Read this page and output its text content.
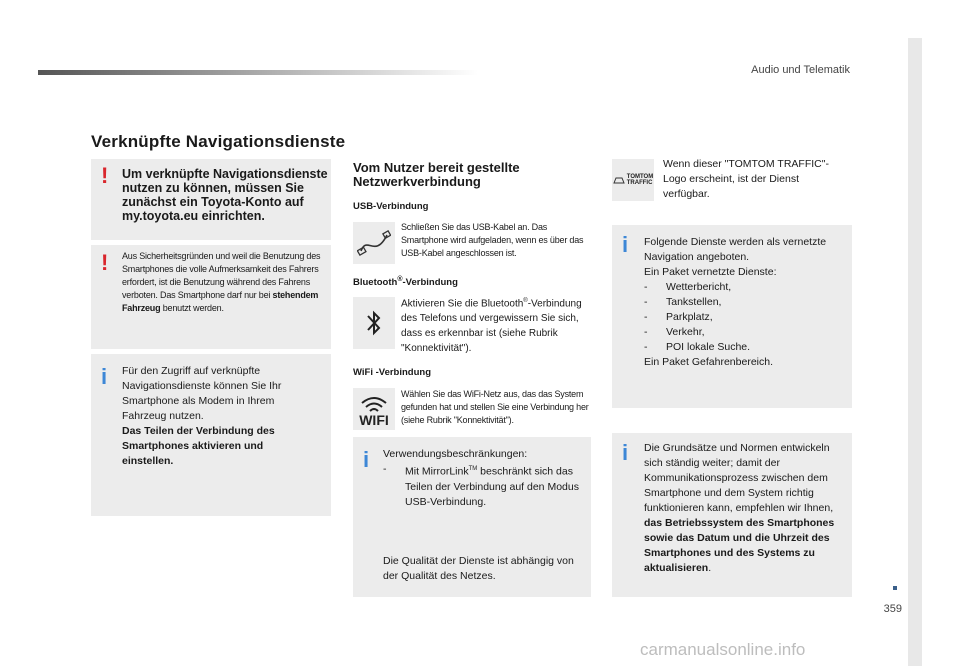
Audio und Telematik
359
Verknüpfte Navigationsdienste
! Um verknüpfte Navigationsdienste nutzen zu können, müssen Sie zunächst ein Toyota-Konto auf my.toyota.eu einrichten.
! Aus Sicherheitsgründen und weil die Benutzung des Smartphones die volle Aufmerksamkeit des Fahrers erfordert, ist die Benutzung während des Fahrens verboten. Das Smartphone darf nur bei stehendem Fahrzeug benutzt werden.
i Für den Zugriff auf verknüpfte Navigationsdienste können Sie Ihr Smartphone als Modem in Ihrem Fahrzeug nutzen.
Das Teilen der Verbindung des Smartphones aktivieren und einstellen.
Vom Nutzer bereit gestellte Netzwerkverbindung
USB-Verbindung
Schließen Sie das USB-Kabel an. Das Smartphone wird aufgeladen, wenn es über das USB-Kabel angeschlossen ist.
Bluetooth®-Verbindung
Aktivieren Sie die Bluetooth®-Verbindung des Telefons und vergewissern Sie sich, dass es erkennbar ist (siehe Rubrik "Konnektivität").
WiFi -Verbindung
WIFI
Wählen Sie das WiFi-Netz aus, das das System gefunden hat und stellen Sie eine Verbindung her (siehe Rubrik "Konnektivität").
i Verwendungsbeschränkungen:
-	Mit MirrorLink™ beschränkt sich das Teilen der Verbindung auf den Modus USB-Verbindung.
Die Qualität der Dienste ist abhängig von der Qualität des Netzes.
TOMTOM
TRAFFIC
Wenn dieser "TOMTOM TRAFFIC"-Logo erscheint, ist der Dienst verfügbar.
i Folgende Dienste werden als vernetzte Navigation angeboten.
Ein Paket vernetzte Dienste:
-	Wetterbericht,
-	Tankstellen,
-	Parkplatz,
-	Verkehr,
-	POI lokale Suche.
Ein Paket Gefahrenbereich.
i Die Grundsätze und Normen entwickeln sich ständig weiter; damit der Kommunikationsprozess zwischen dem Smartphone und dem System richtig funktionieren kann, empfehlen wir Ihnen, das Betriebssystem des Smartphones sowie das Datum und die Uhrzeit des Smartphones und des Systems zu aktualisieren.
carmanualsonline.info
